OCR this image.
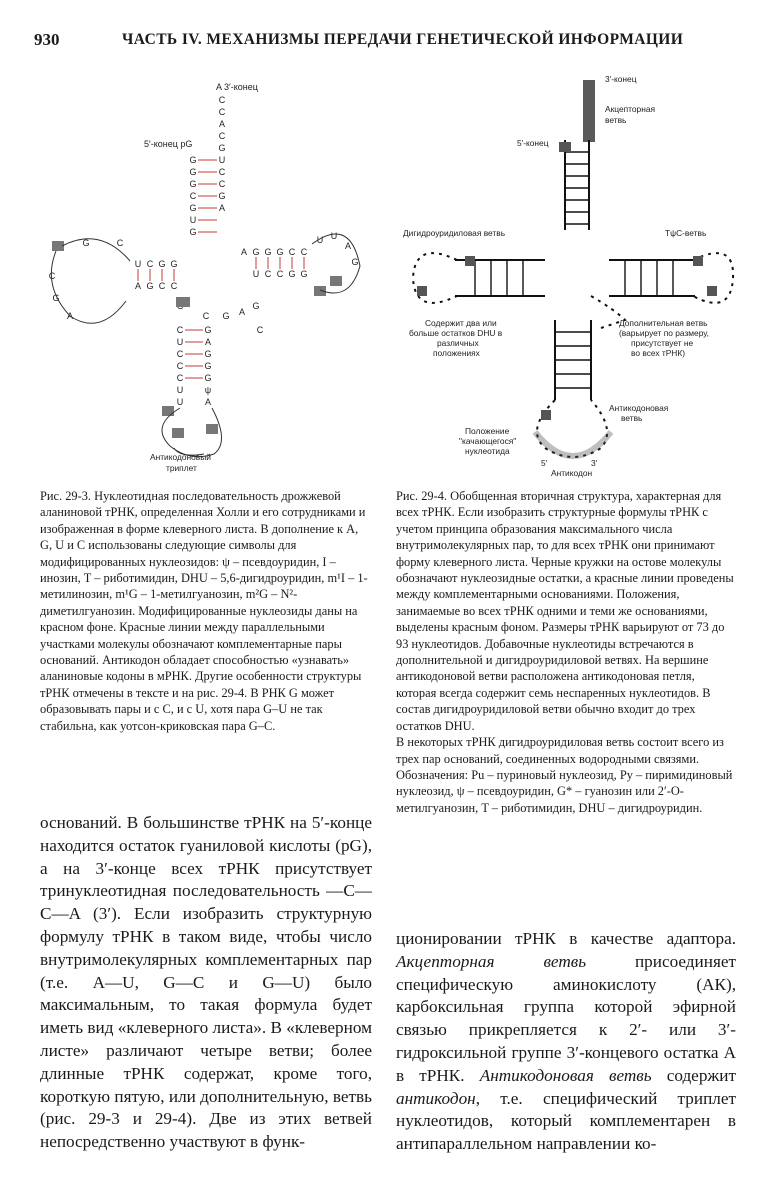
930	ЧАСТЬ IV. МЕХАНИЗМЫ ПЕРЕДАЧИ ГЕНЕТИЧЕСКОЙ ИНФОРМАЦИИ
A 3′-конец
5′-конец pG
C
C
A
C
G
U
C
C
G
A
G
G
G
C
G
U
G
G	C
U C G G
A G C C
C
G
A
A G G G C C
U C C G G
U U
A
G
C G A
G
C
C
U
C
C
C
U
G
A
G
G
G
ψ
U A
Антикодоновый
триплет

Рис. 29-3. Нуклеотидная последовательность дрожжевой аланиновой тРНК, определенная Холли и его сотрудниками и изображенная в форме клеверного листа. В дополнение к A, G, U и C использованы следующие символы для модифицированных нуклеозидов: ψ – псевдоуридин, I – инозин, T – риботимидин, DHU – 5,6-дигидроуридин, m¹I – 1-метилинозин, m¹G – 1-метилгуанозин, m²G – N²-диметилгуанозин. Модифицированные нуклеозиды даны на красном фоне. Красные линии между параллельными участками молекулы обозначают комплементарные пары оснований. Антикодон обладает способностью «узнавать» аланиновые кодоны в мРНК. Другие особенности структуры тРНК отмечены в тексте и на рис. 29-4. В РНК G может образовывать пары и с C, и с U, хотя пара G–U не так стабильна, как уотсон-криковская пара G–C.

3′-конец
Акцепторная
ветвь
5′-конец
Дигидроуридиловая ветвь	TψC-ветвь
Содержит два или
больше остатков DHU в
различных
положениях
Дополнительная ветвь
(варьирует по размеру,
присутствует не
во всех тРНК)
Антикодоновая
ветвь
Положение
"качающегося"
нуклеотида
5′	3′
Антикодон

Рис. 29-4. Обобщенная вторичная структура, характерная для всех тРНК. Если изобразить структурные формулы тРНК с учетом принципа образования максимального числа внутримолекулярных пар, то для всех тРНК они принимают форму клеверного листа. Черные кружки на остове молекулы обозначают нуклеозидные остатки, а красные линии проведены между комплементарными основаниями. Положения, занимаемые во всех тРНК одними и теми же основаниями, выделены красным фоном. Размеры тРНК варьируют от 73 до 93 нуклеотидов. Добавочные нуклеотиды встречаются в дополнительной и дигидроуридиловой ветвях. На вершине антикодоновой ветви расположена антикодоновая петля, которая всегда содержит семь неспаренных нуклеотидов. В состав дигидроуридиловой ветви обычно входит до трех остатков DHU.

В некоторых тРНК дигидроуридиловая ветвь состоит всего из трех пар оснований, соединенных водородными связями. Обозначения: Pu – пуриновый нуклеозид, Py – пиримидиновый нуклеозид, ψ – псевдоуридин, G* – гуанозин или 2′-О-метилгуанозин, T – риботимидин, DHU – дигидроуридин.

оснований. В большинстве тРНК на 5′-конце находится остаток гуаниловой кислоты (pG), а на 3′-конце всех тРНК присутствует тринуклеотидная последовательность —C—C—A (3′). Если изобразить структурную формулу тРНК в таком виде, чтобы число внутримолекулярных комплементарных пар (т.е. A—U, G—C и G—U) было максимальным, то такая формула будет иметь вид «клеверного листа». В «клеверном листе» различают четыре ветви; более длинные тРНК содержат, кроме того, короткую пятую, или дополнительную, ветвь (рис. 29-3 и 29-4). Две из этих ветвей непосредственно участвуют в функ-

ционировании тРНК в качестве адаптора. Акцепторная ветвь присоединяет специфическую аминокислоту (АК), карбоксильная группа которой эфирной связью прикрепляется к 2′- или 3′-гидроксильной группе 3′-концевого остатка A в тРНК. Антикодоновая ветвь содержит антикодон, т.е. специфический триплет нуклеотидов, который комплементарен в антипараллельном направлении ко-
